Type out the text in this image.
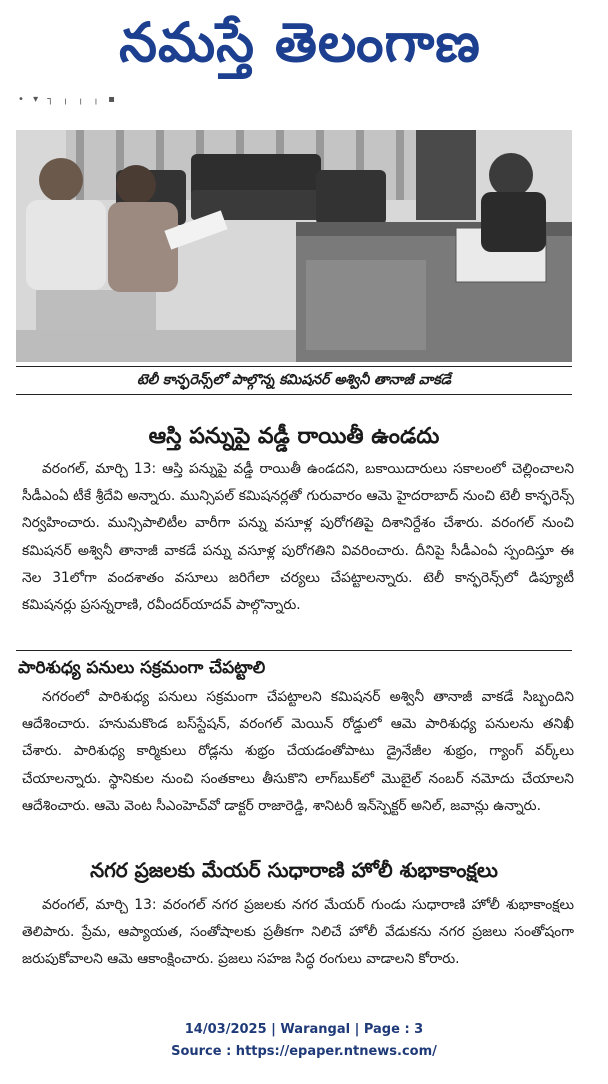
నమస్తే తెలంగాణ
• ▾ ┐ ╷ ╷ ╷ ▪
టెలీ కాన్ఫరెన్స్‌లో పాల్గొన్న కమిషనర్ అశ్వినీ తానాజీ వాకడే
ఆస్తి పన్నుపై వడ్డీ రాయితీ ఉండదు

వరంగల్, మార్చి 13: ఆస్తి పన్నుపై వడ్డీ రాయితీ ఉండదని, బకాయిదారులు సకాలంలో చెల్లించాలని సీడీఎంఏ టీకే శ్రీదేవి అన్నారు. మున్సిపల్ కమిషనర్లతో గురువారం ఆమె హైదరాబాద్ నుంచి టెలీ కాన్ఫరెన్స్ నిర్వహించారు. మున్సిపాలిటీల వారీగా పన్ను వసూళ్ల పురోగతిపై దిశానిర్దేశం చేశారు. వరంగల్ నుంచి కమిషనర్ అశ్వినీ తానాజీ వాకడే పన్ను వసూళ్ల పురోగతిని వివరించారు. దీనిపై సీడీఎంఏ స్పందిస్తూ ఈ నెల 31లోగా వందశాతం వసూలు జరిగేలా చర్యలు చేపట్టాలన్నారు. టెలీ కాన్ఫరెన్స్‌లో డిప్యూటీ కమిషనర్లు ప్రసన్నరాణి, రవీందర్‌యాదవ్ పాల్గొన్నారు.

పారిశుధ్య పనులు సక్రమంగా చేపట్టాలి

నగరంలో పారిశుధ్య పనులు సక్రమంగా చేపట్టాలని కమిషనర్ అశ్వినీ తానాజీ వాకడే సిబ్బందిని ఆదేశించారు. హనుమకొండ బస్‌స్టేషన్, వరంగల్ మెయిన్ రోడ్డులో ఆమె పారిశుధ్య పనులను తనిఖీ చేశారు. పారిశుధ్య కార్మికులు రోడ్లను శుభ్రం చేయడంతోపాటు డ్రైనేజీల శుభ్రం, గ్యాంగ్ వర్క్‌లు చేయాలన్నారు. స్థానికుల నుంచి సంతకాలు తీసుకొని లాగ్‌బుక్‌లో మొబైల్ నంబర్ నమోదు చేయాలని ఆదేశించారు. ఆమె వెంట సీఎంహెచ్‌వో డాక్టర్ రాజారెడ్డి, శానిటరీ ఇన్‌స్పెక్టర్ అనిల్, జవాన్లు ఉన్నారు.

నగర ప్రజలకు మేయర్ సుధారాణి హోలీ శుభాకాంక్షలు

వరంగల్, మార్చి 13: వరంగల్ నగర ప్రజలకు నగర మేయర్ గుండు సుధారాణి హోలీ శుభాకాంక్షలు తెలిపారు. ప్రేమ, ఆప్యాయత, సంతోషాలకు ప్రతీకగా నిలిచే హోలీ వేడుకను నగర ప్రజలు సంతోషంగా జరుపుకోవాలని ఆమె ఆకాంక్షించారు. ప్రజలు సహజ సిద్ధ రంగులు వాడాలని కోరారు.

14/03/2025 | Warangal | Page : 3
Source : https://epaper.ntnews.com/
